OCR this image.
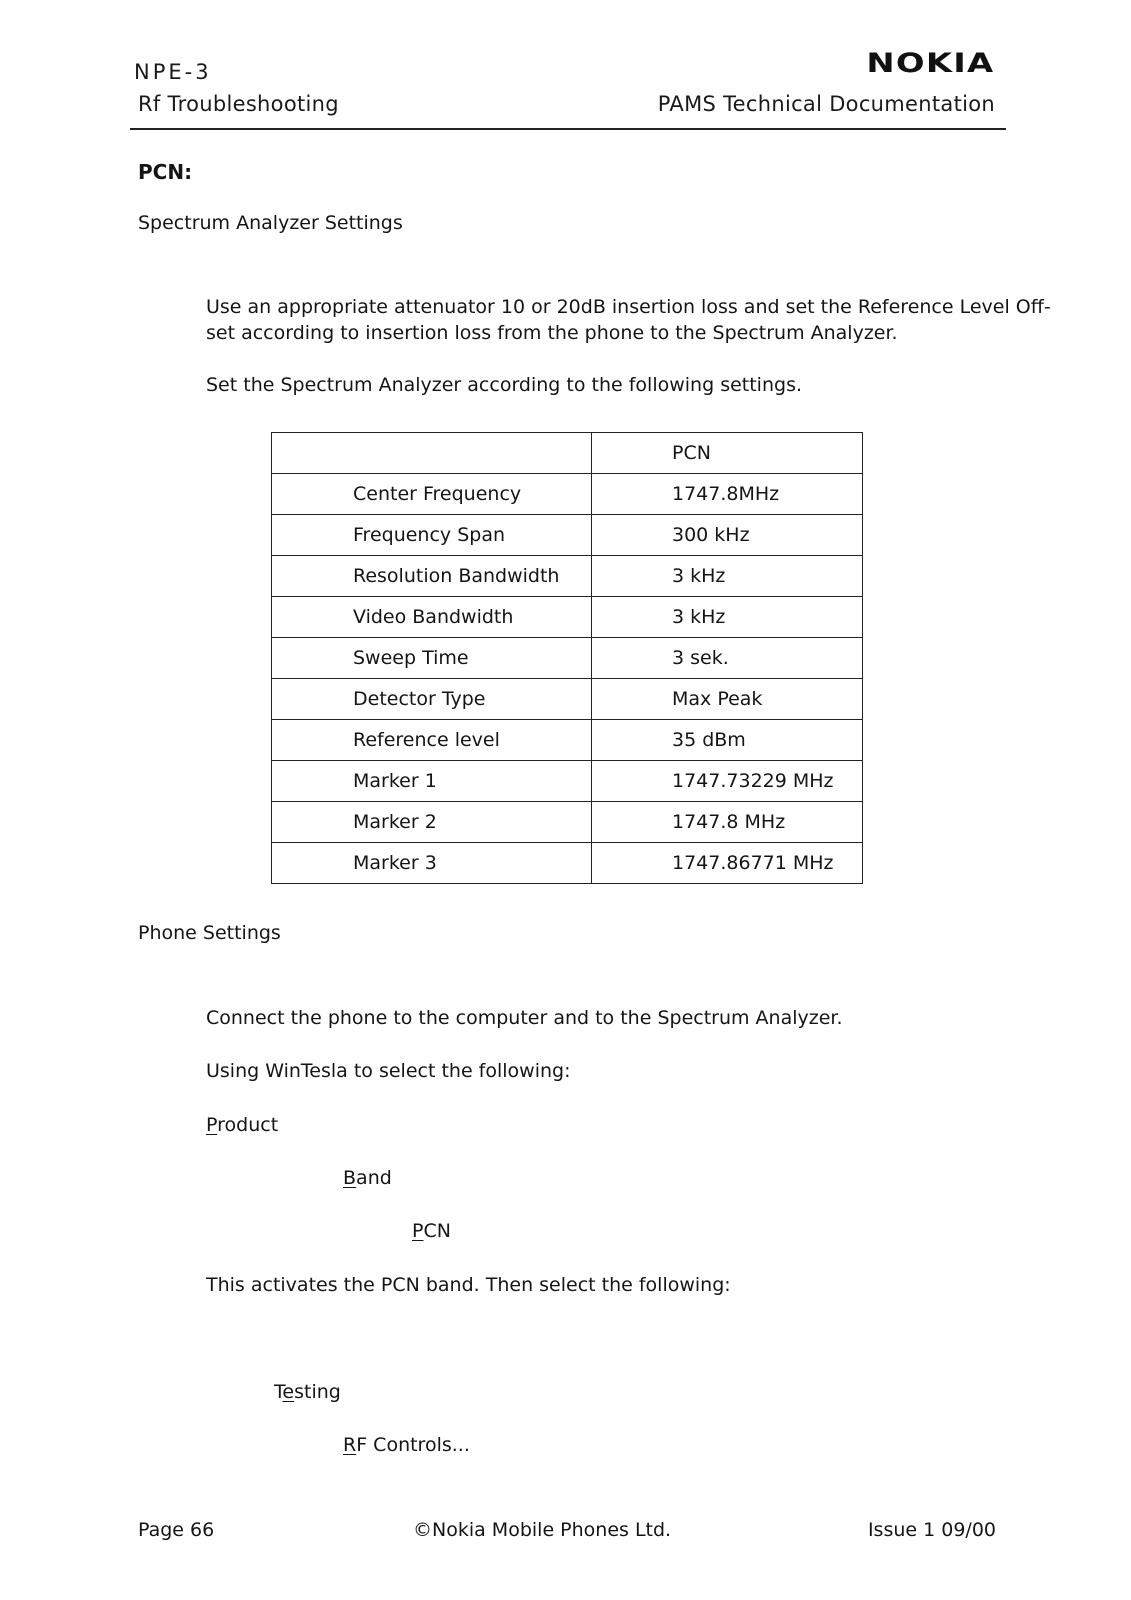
NPE-3
Rf Troubleshooting
NOKIA
PAMS Technical Documentation
PCN:
Spectrum Analyzer Settings
Use an appropriate attenuator 10 or 20dB insertion loss and set the Reference Level Off-
set according to insertion loss from the phone to the Spectrum Analyzer.
Set the Spectrum Analyzer according to the following settings.
	PCN
Center Frequency	1747.8MHz
Frequency Span	300 kHz
Resolution Bandwidth	3 kHz
Video Bandwidth	3 kHz
Sweep Time	3 sek.
Detector Type	Max Peak
Reference level	35 dBm
Marker 1	1747.73229 MHz
Marker 2	1747.8 MHz
Marker 3	1747.86771 MHz
Phone Settings
Connect the phone to the computer and to the Spectrum Analyzer.
Using WinTesla to select the following:
Product
Band
PCN
This activates the PCN band. Then select the following:
Testing
RF Controls...
Page 66	©Nokia Mobile Phones Ltd.	Issue 1 09/00
